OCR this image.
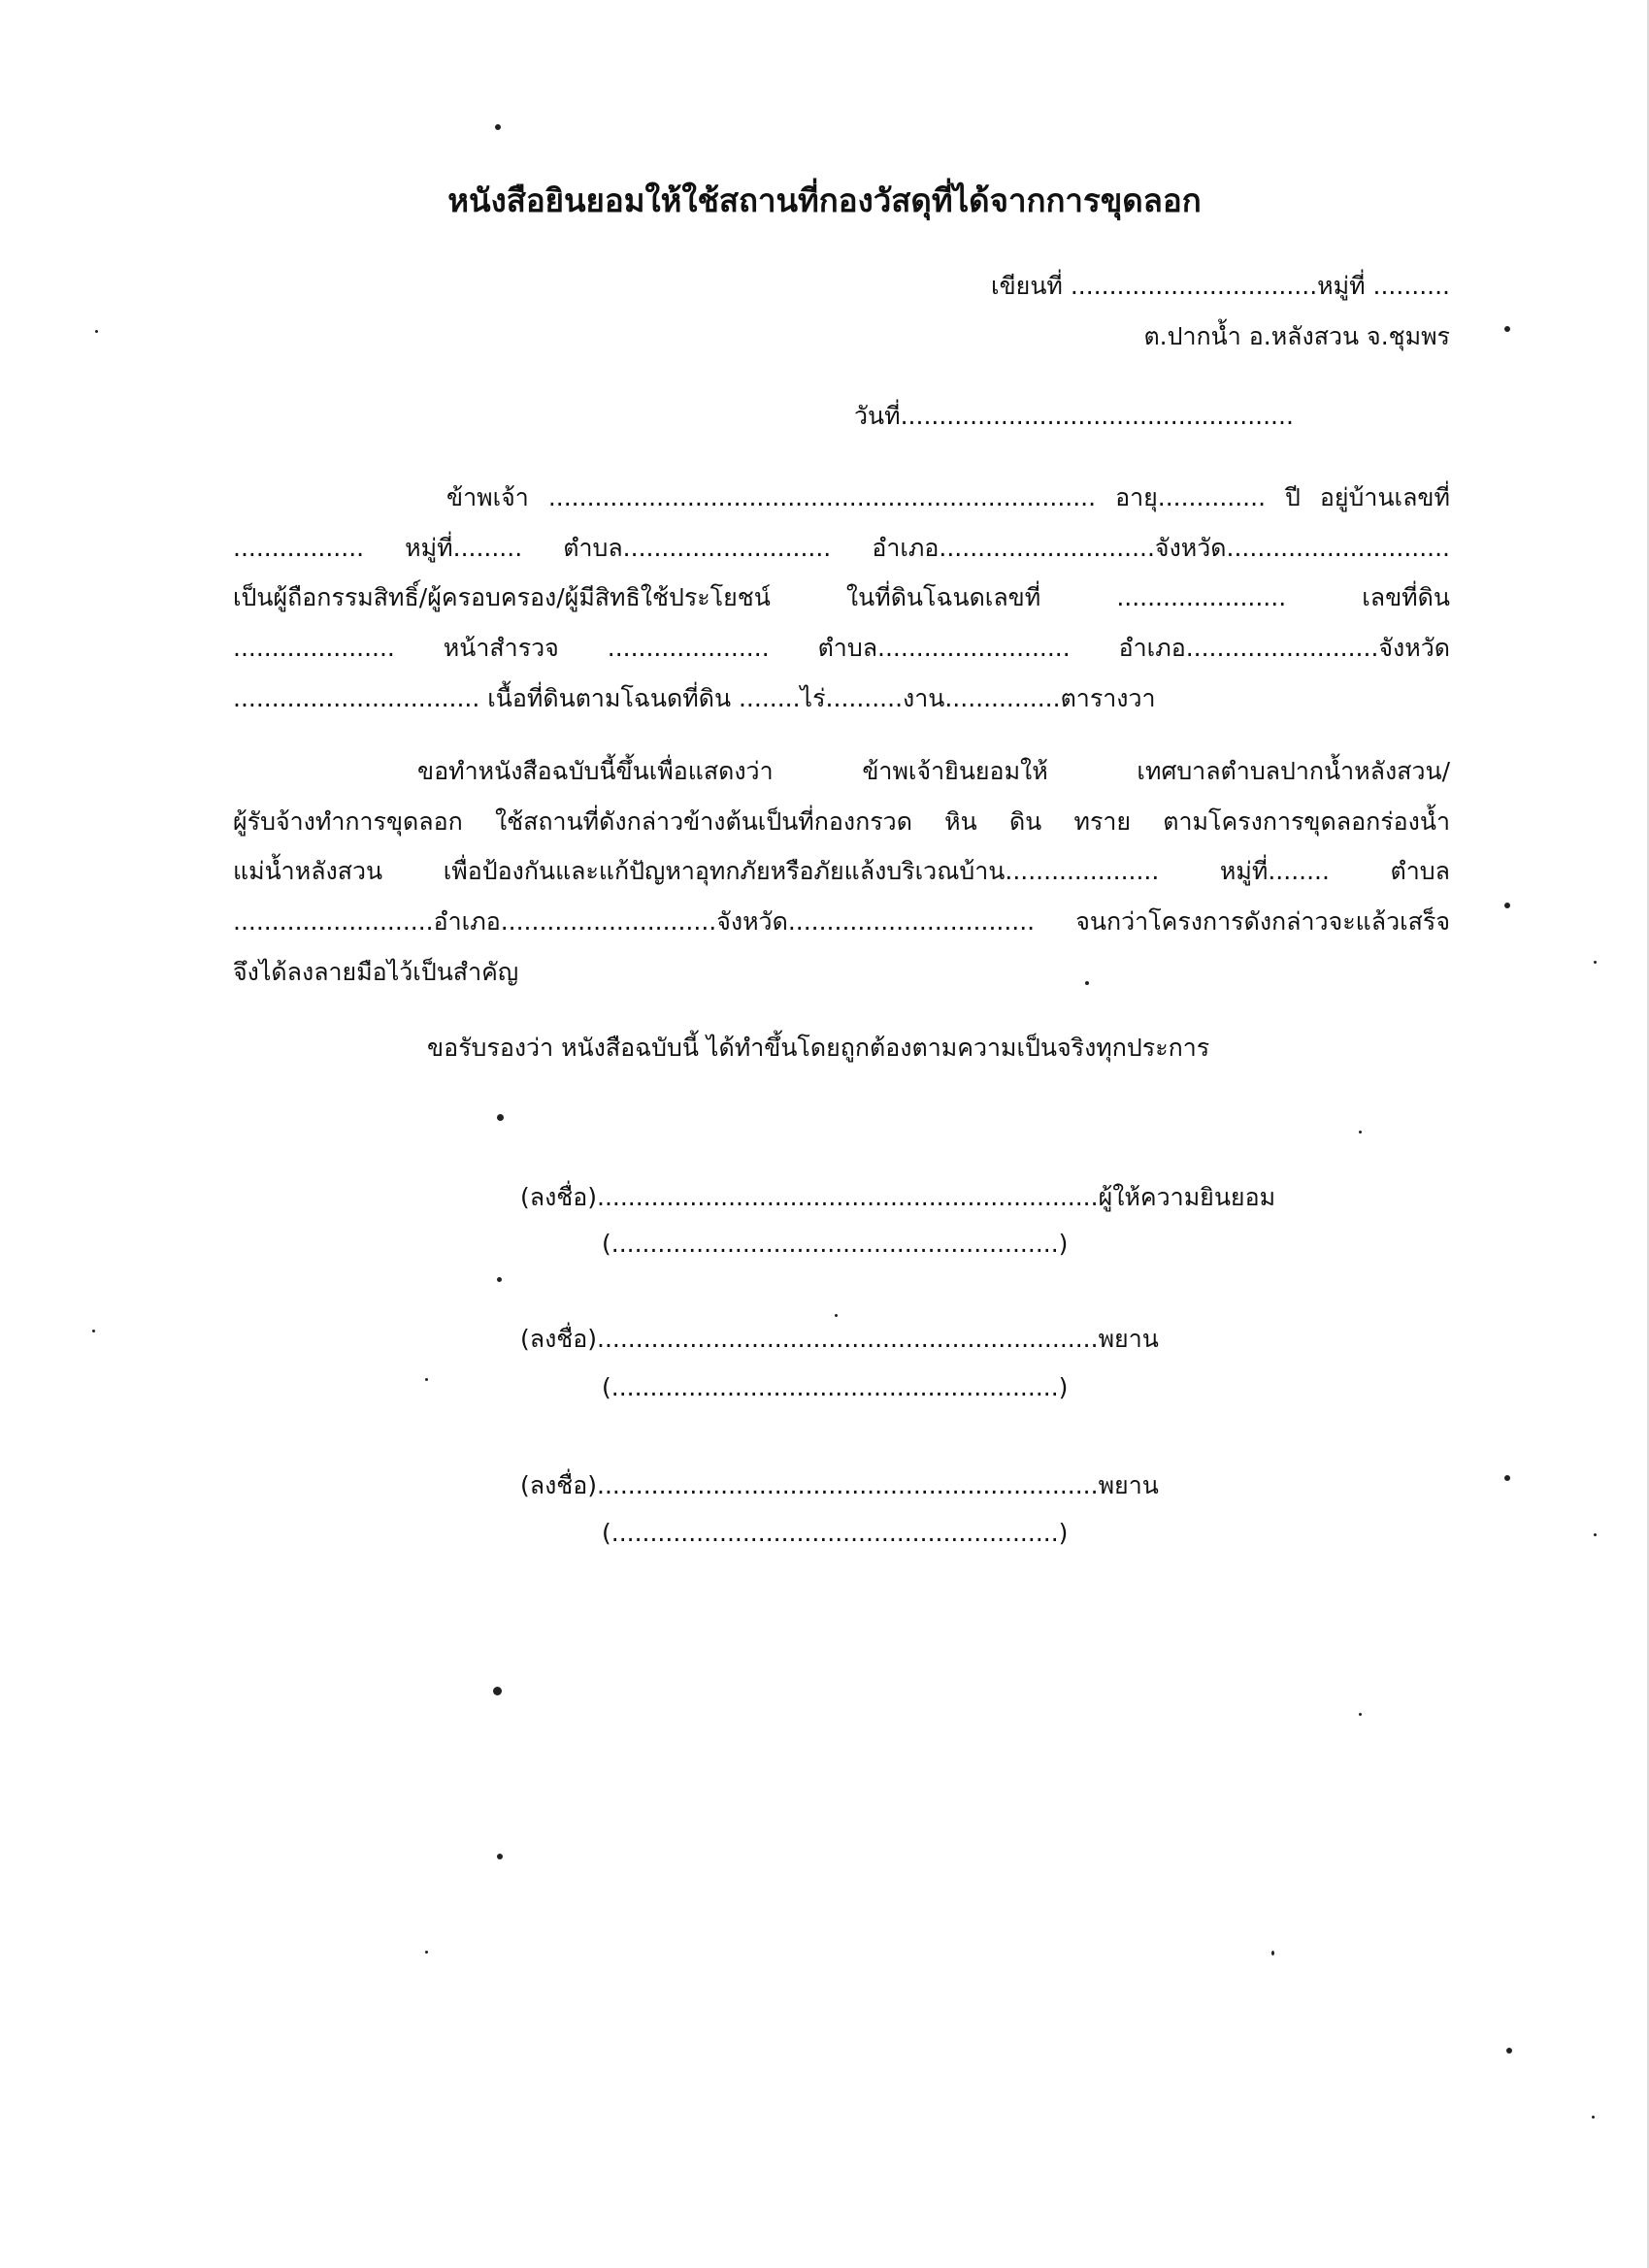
หนังสือยินยอมให้ใช้สถานที่กองวัสดุที่ได้จากการขุดลอก
เขียนที่ ................................หมู่ที่ ..........
ต.ปากน้ำ อ.หลังสวน จ.ชุมพร
วันที่...................................................
ข้าพเจ้า ....................................................................... อายุ.............. ปี อยู่บ้านเลขที่
................. หมู่ที่......... ตำบล........................... อำเภอ............................จังหวัด.............................
เป็นผู้ถือกรรมสิทธิ์/ผู้ครอบครอง/ผู้มีสิทธิใช้ประโยชน์ ในที่ดินโฉนดเลขที่ ...................... เลขที่ดิน
..................... หน้าสำรวจ ..................... ตำบล......................... อำเภอ.........................จังหวัด
................................ เนื้อที่ดินตามโฉนดที่ดิน ........ไร่..........งาน...............ตารางวา
ขอทำหนังสือฉบับนี้ขึ้นเพื่อแสดงว่า ข้าพเจ้ายินยอมให้ เทศบาลตำบลปากน้ำหลังสวน/
ผู้รับจ้างทำการขุดลอก ใช้สถานที่ดังกล่าวข้างต้นเป็นที่กองกรวด หิน ดิน ทราย ตามโครงการขุดลอกร่องน้ำ
แม่น้ำหลังสวน เพื่อป้องกันและแก้ปัญหาอุทกภัยหรือภัยแล้งบริเวณบ้าน.................... หมู่ที่........ ตำบล
..........................อำเภอ............................จังหวัด................................ จนกว่าโครงการดังกล่าวจะแล้วเสร็จ
จึงได้ลงลายมือไว้เป็นสำคัญ
ขอรับรองว่า หนังสือฉบับนี้ ได้ทำขึ้นโดยถูกต้องตามความเป็นจริงทุกประการ
(ลงชื่อ).................................................................ผู้ให้ความยินยอม
(..........................................................)
(ลงชื่อ).................................................................พยาน
(..........................................................)
(ลงชื่อ).................................................................พยาน
(..........................................................)
